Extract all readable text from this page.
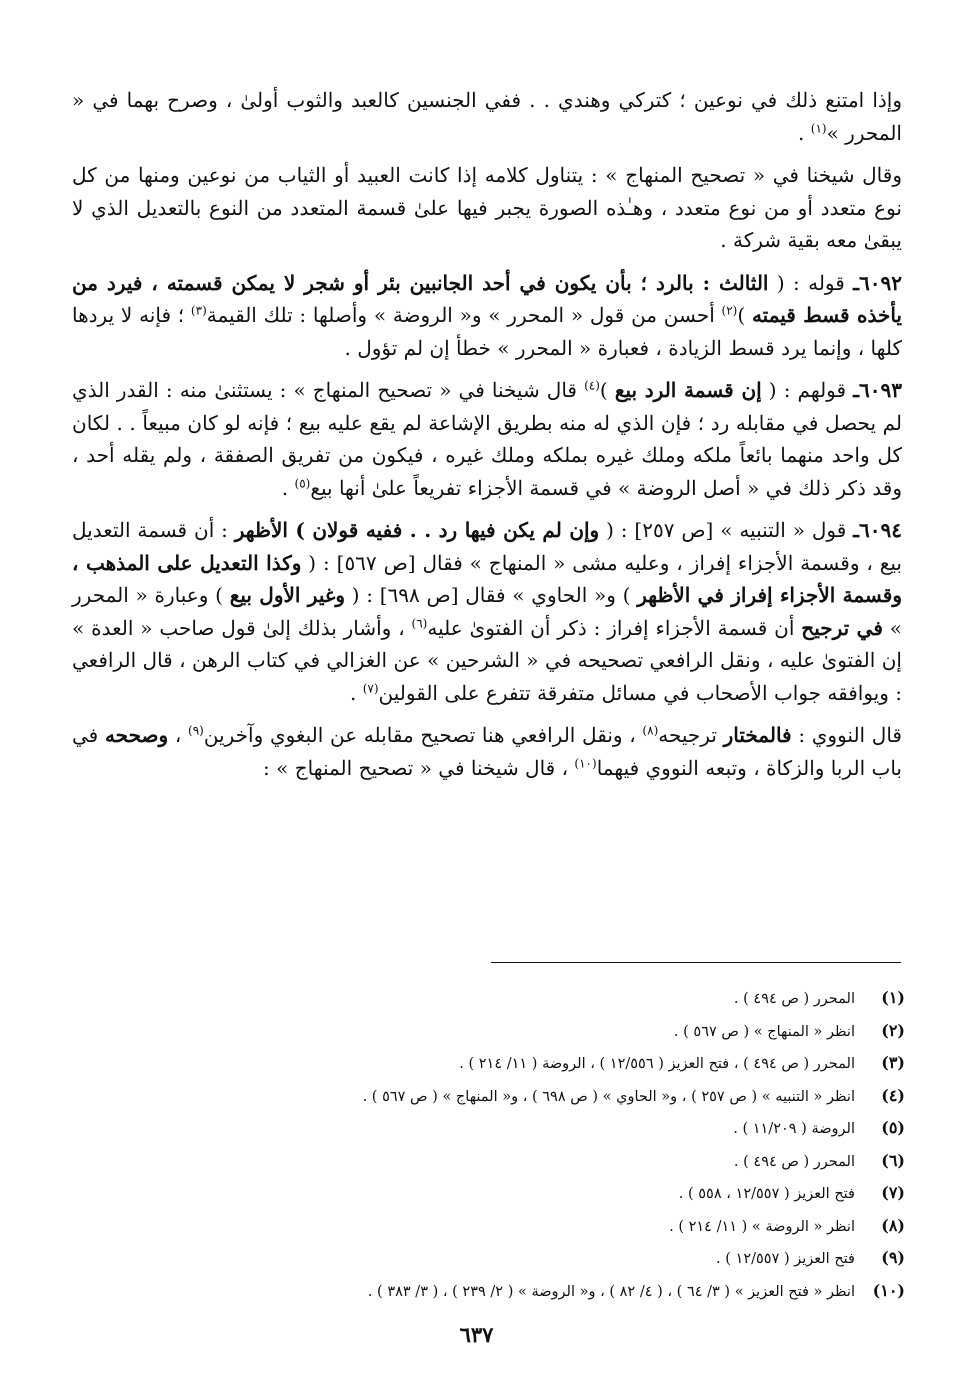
وإذا امتنع ذلك في نوعين ؛ كتركي وهندي . . ففي الجنسين كالعبد والثوب أولىٰ ، وصرح بهما في « المحرر »$^{(١)}$ .

وقال شيخنا في « تصحيح المنهاج » : يتناول كلامه إذا كانت العبيد أو الثياب من نوعين ومنها من كل نوع متعدد أو من نوع متعدد ، وهـٰذه الصورة يجبر فيها علىٰ قسمة المتعدد من النوع بالتعديل الذي لا يبقىٰ معه بقية شركة .

٦٠٩٢ـ قوله : ( الثالث : بالرد ؛ بأن يكون في أحد الجانبين بئر أو شجر لا يمكن قسمته ، فيرد من يأخذه قسط قيمته )$^{(٢)}$ أحسن من قول « المحرر » و« الروضة » وأصلها : تلك القيمة$^{(٣)}$ ؛ فإنه لا يردها كلها ، وإنما يرد قسط الزيادة ، فعبارة « المحرر » خطأ إن لم تؤول .

٦٠٩٣ـ قولهم : ( إن قسمة الرد بيع )$^{(٤)}$ قال شيخنا في « تصحيح المنهاج » : يستثنىٰ منه : القدر الذي لم يحصل في مقابله رد ؛ فإن الذي له منه بطريق الإشاعة لم يقع عليه بيع ؛ فإنه لو كان مبيعاً . . لكان كل واحد منهما بائعاً ملكه وملك غيره بملكه وملك غيره ، فيكون من تفريق الصفقة ، ولم يقله أحد ، وقد ذكر ذلك في « أصل الروضة » في قسمة الأجزاء تفريعاً علىٰ أنها بيع$^{(٥)}$ .

٦٠٩٤ـ قول « التنبيه » [ص ٢٥٧] : ( وإن لم يكن فيها رد . . ففيه قولان ) الأظهر : أن قسمة التعديل بيع ، وقسمة الأجزاء إفراز ، وعليه مشى « المنهاج » فقال [ص ٥٦٧] : ( وكذا التعديل على المذهب ، وقسمة الأجزاء إفراز في الأظهر ) و« الحاوي » فقال [ص ٦٩٨] : ( وغير الأول بيع ) وعبارة « المحرر » في ترجيح أن قسمة الأجزاء إفراز : ذكر أن الفتوىٰ عليه$^{(٦)}$ ، وأشار بذلك إلىٰ قول صاحب « العدة » إن الفتوىٰ عليه ، ونقل الرافعي تصحيحه في « الشرحين » عن الغزالي في كتاب الرهن ، قال الرافعي : ويوافقه جواب الأصحاب في مسائل متفرقة تتفرع على القولين$^{(٧)}$ .

قال النووي : فالمختار ترجيحه$^{(٨)}$ ، ونقل الرافعي هنا تصحيح مقابله عن البغوي وآخرين$^{(٩)}$ ، وصححه في باب الربا والزكاة ، وتبعه النووي فيهما$^{(١٠)}$ ، قال شيخنا في « تصحيح المنهاج » :

(١)
المحرر ( ص ٤٩٤ ) .
(٢)
انظر « المنهاج » ( ص ٥٦٧ ) .
(٣)
المحرر ( ص ٤٩٤ ) ، فتح العزيز ( ١٢/٥٥٦ ) ، الروضة ( ١١/ ٢١٤ ) .
(٤)
انظر « التنبيه » ( ص ٢٥٧ ) ، و« الحاوي » ( ص ٦٩٨ ) ، و« المنهاج » ( ص ٥٦٧ ) .
(٥)
الروضة ( ١١/٢٠٩ ) .
(٦)
المحرر ( ص ٤٩٤ ) .
(٧)
فتح العزيز ( ١٢/٥٥٧ ، ٥٥٨ ) .
(٨)
انظر « الروضة » ( ١١/ ٢١٤ ) .
(٩)
فتح العزيز ( ١٢/٥٥٧ ) .
(١٠)
انظر « فتح العزيز » ( ٣/ ٦٤ ) ، ( ٤/ ٨٢ ) ، و« الروضة » ( ٢/ ٢٣٩ ) ، ( ٣/ ٣٨٣ ) .
٦٣٧
